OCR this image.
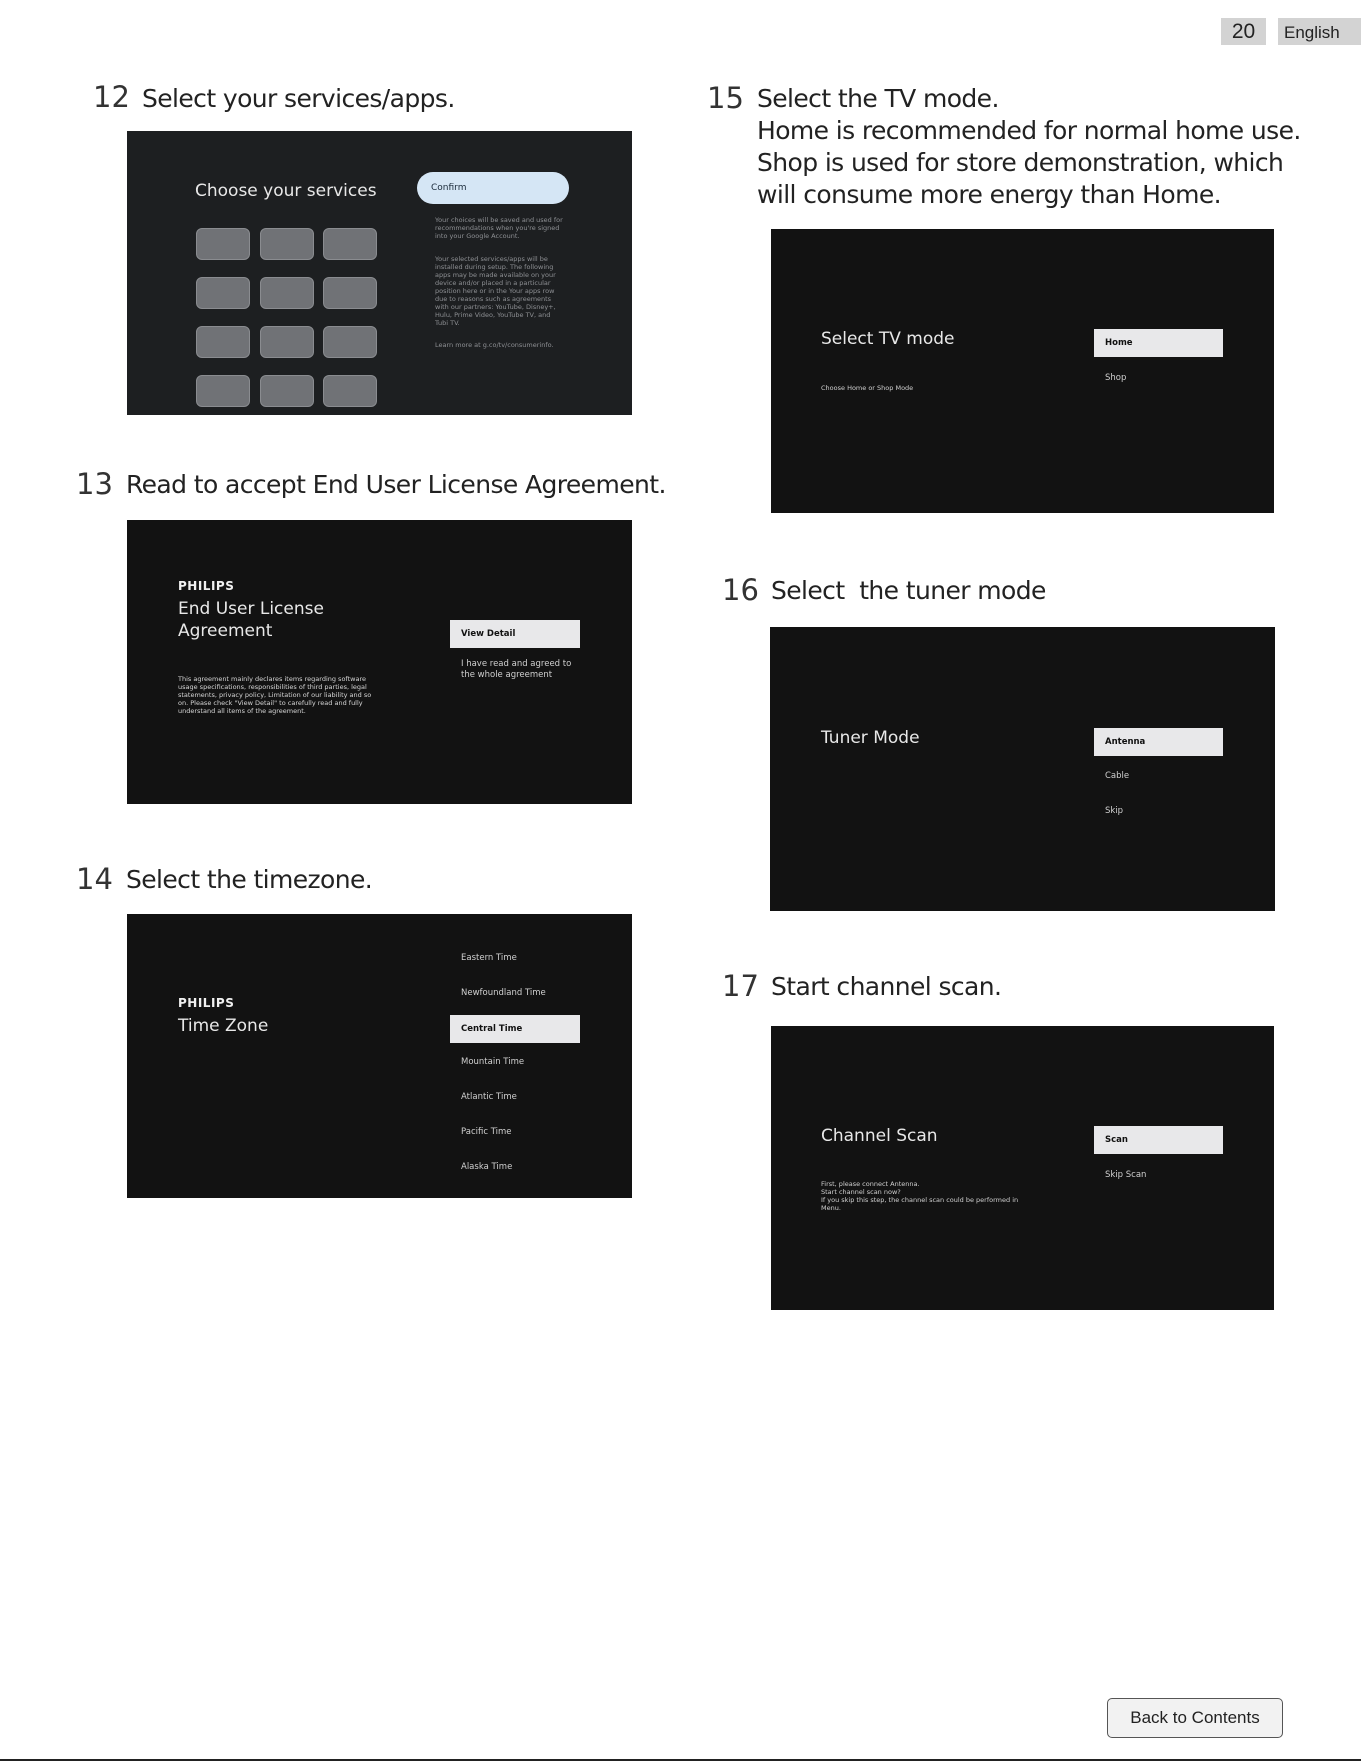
20	English
12 Select your services/apps.
Choose your services	Confirm
Your choices will be saved and used for recommendations when you're signed into your Google Account.
Your selected services/apps will be installed during setup. The following apps may be made available on your device and/or placed in a particular position here or in the Your apps row due to reasons such as agreements with our partners: YouTube, Disney+, Hulu, Prime Video, YouTube TV, and Tubi TV.
Learn more at g.co/tv/consumerinfo.
13 Read to accept End User License Agreement.
PHILIPS
End User License
Agreement
This agreement mainly declares items regarding software usage specifications, responsibilities of third parties, legal statements, privacy policy, Limitation of our liability and so on. Please check "View Detail" to carefully read and fully understand all items of the agreement.
View Detail
I have read and agreed to the whole agreement
14 Select the timezone.
PHILIPS
Time Zone
Eastern Time
Newfoundland Time
Central Time
Mountain Time
Atlantic Time
Pacific Time
Alaska Time
15 Select the TV mode.
Home is recommended for normal home use.
Shop is used for store demonstration, which
will consume more energy than Home.
Select TV mode
Choose Home or Shop Mode
Home
Shop
16 Select  the tuner mode
Tuner Mode	Antenna
Cable
Skip
17 Start channel scan.
Channel Scan
First, please connect Antenna.
Start channel scan now?
If you skip this step, the channel scan could be performed in
Menu.
Scan
Skip Scan
Back to Contents
